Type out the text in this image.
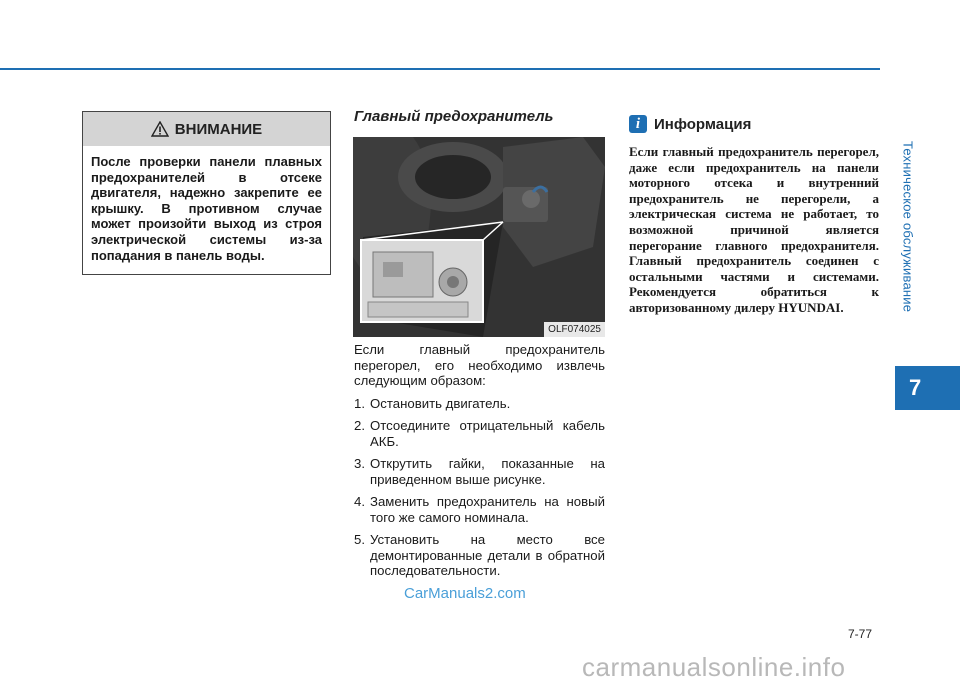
Техническое обслуживание
7
ВНИМАНИЕ
После проверки панели плавных предохранителей в отсеке двигателя, надежно закрепите ее крышку. В противном случае может произойти выход из строя электрической системы из-за попадания в панель воды.
Главный предохранитель
OLF074025

Если главный предохранитель перегорел, его необходимо извлечь следующим образом:

1. Остановить двигатель.
2. Отсоедините отрицательный кабель АКБ.
3. Открутить гайки, показанные на приведенном выше рисунке.
4. Заменить предохранитель на новый того же самого номинала.
5. Установить на место все демонтированные детали в обратной последовательности.
i Информация
Если главный предохранитель перегорел, даже если предохранитель на панели моторного отсека и внутренний предохранитель не перегорели, а электрическая система не работает, то возможной причиной является перегорание главного предохранителя. Главный предохранитель соединен с остальными частями и системами. Рекомендуется обратиться к авторизованному дилеру HYUNDAI.
CarManuals2.com
7-77
carmanualsonline.info
